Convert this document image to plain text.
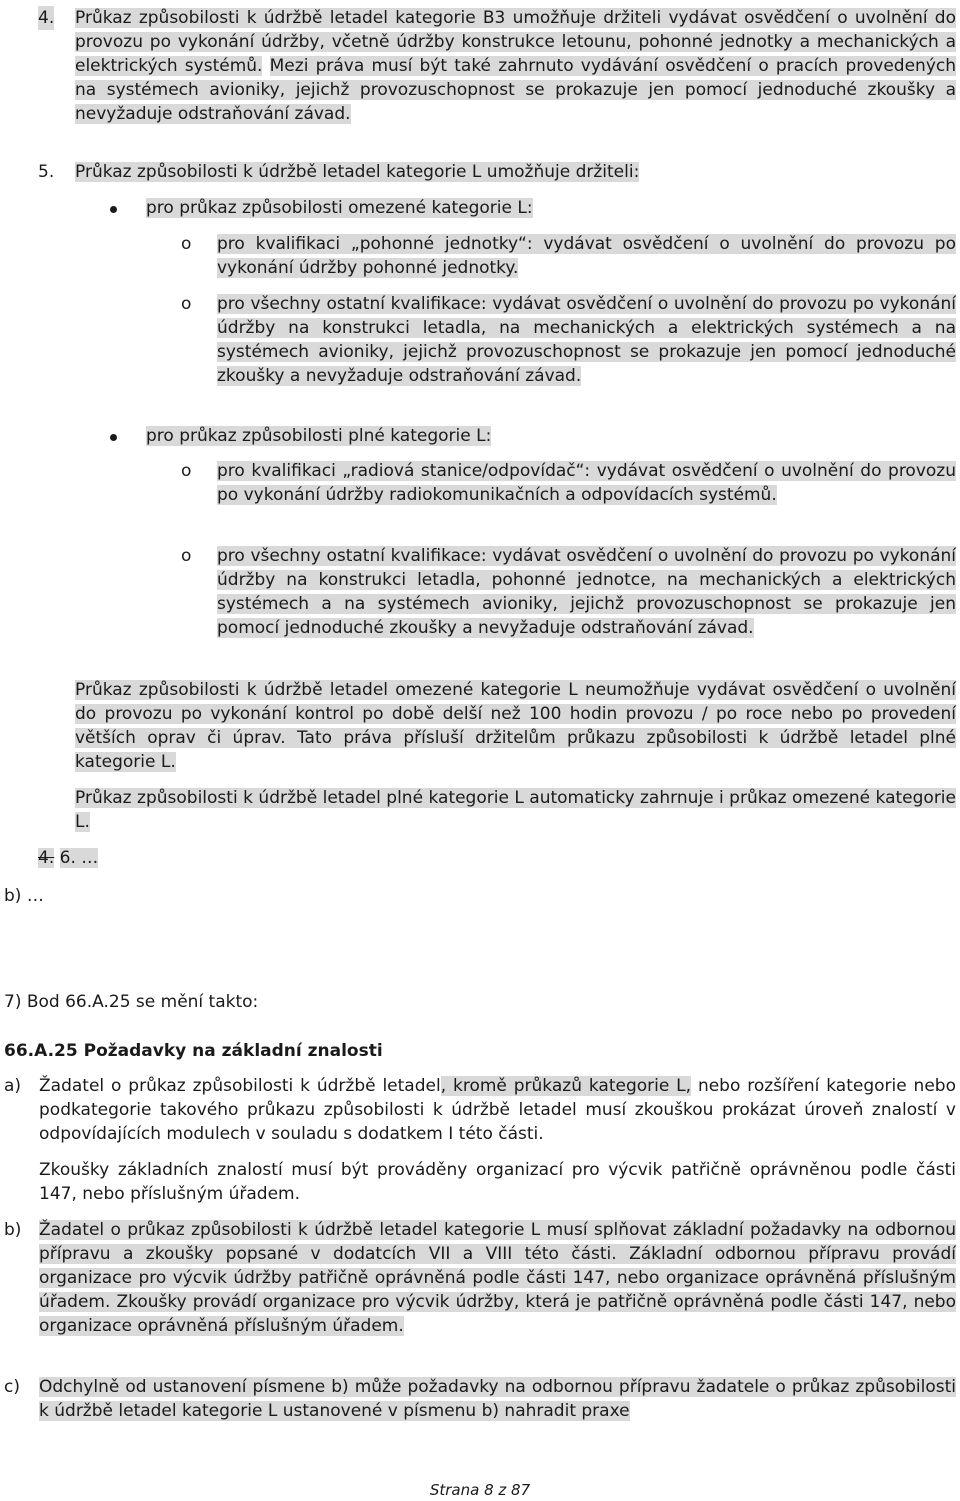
4. Průkaz způsobilosti k údržbě letadel kategorie B3 umožňuje držiteli vydávat osvědčení o uvolnění do provozu po vykonání údržby, včetně údržby konstrukce letounu, pohonné jednotky a mechanických a elektrických systémů. Mezi práva musí být také zahrnuto vydávání osvědčení o pracích provedených na systémech avioniky, jejichž provozuschopnost se prokazuje jen pomocí jednoduché zkoušky a nevyžaduje odstraňování závad.

5. Průkaz způsobilosti k údržbě letadel kategorie L umožňuje držiteli:

pro průkaz způsobilosti omezené kategorie L:

o pro kvalifikaci „pohonné jednotky“: vydávat osvědčení o uvolnění do provozu po vykonání údržby pohonné jednotky.

o pro všechny ostatní kvalifikace: vydávat osvědčení o uvolnění do provozu po vykonání údržby na konstrukci letadla, na mechanických a elektrických systémech a na systémech avioniky, jejichž provozuschopnost se prokazuje jen pomocí jednoduché zkoušky a nevyžaduje odstraňování závad.

pro průkaz způsobilosti plné kategorie L:

o pro kvalifikaci „radiová stanice/odpovídač“: vydávat osvědčení o uvolnění do provozu po vykonání údržby radiokomunikačních a odpovídacích systémů.

o pro všechny ostatní kvalifikace: vydávat osvědčení o uvolnění do provozu po vykonání údržby na konstrukci letadla, pohonné jednotce, na mechanických a elektrických systémech a na systémech avioniky, jejichž provozuschopnost se prokazuje jen pomocí jednoduché zkoušky a nevyžaduje odstraňování závad.

Průkaz způsobilosti k údržbě letadel omezené kategorie L neumožňuje vydávat osvědčení o uvolnění do provozu po vykonání kontrol po době delší než 100 hodin provozu / po roce nebo po provedení větších oprav či úprav. Tato práva přísluší držitelům průkazu způsobilosti k údržbě letadel plné kategorie L.

Průkaz způsobilosti k údržbě letadel plné kategorie L automaticky zahrnuje i průkaz omezené kategorie L.

4. 6. …

b) …

7) Bod 66.A.25 se mění takto:

66.A.25 Požadavky na základní znalosti

a) Žadatel o průkaz způsobilosti k údržbě letadel, kromě průkazů kategorie L, nebo rozšíření kategorie nebo podkategorie takového průkazu způsobilosti k údržbě letadel musí zkouškou prokázat úroveň znalostí v odpovídajících modulech v souladu s dodatkem I této části.

Zkoušky základních znalostí musí být prováděny organizací pro výcvik patřičně oprávněnou podle části 147, nebo příslušným úřadem.

b) Žadatel o průkaz způsobilosti k údržbě letadel kategorie L musí splňovat základní požadavky na odbornou přípravu a zkoušky popsané v dodatcích VII a VIII této části. Základní odbornou přípravu provádí organizace pro výcvik údržby patřičně oprávněná podle části 147, nebo organizace oprávněná příslušným úřadem. Zkoušky provádí organizace pro výcvik údržby, která je patřičně oprávněná podle části 147, nebo organizace oprávněná příslušným úřadem.

c) Odchylně od ustanovení písmene b) může požadavky na odbornou přípravu žadatele o průkaz způsobilosti k údržbě letadel kategorie L ustanovené v písmenu b) nahradit praxe

Strana 8 z 87
